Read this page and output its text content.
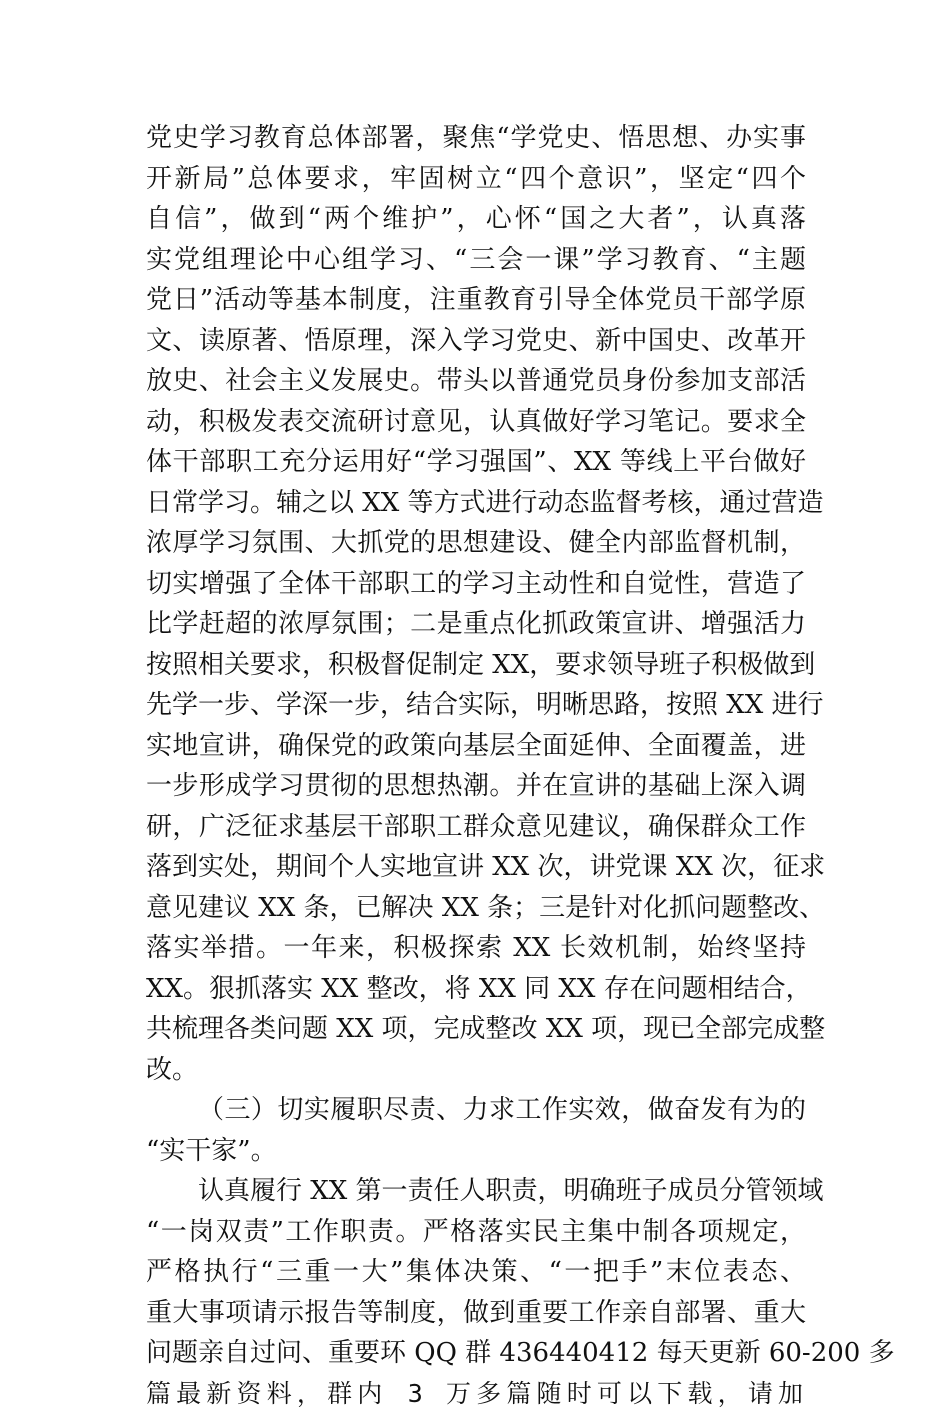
党史学习教育总体部署，聚焦“学党史、悟思想、办实事
开新局”总体要求，牢固树立“四个意识”，坚定“四个
自信”，做到“两个维护”，心怀“国之大者”，认真落
实党组理论中心组学习、“三会一课”学习教育、“主题
党日”活动等基本制度，注重教育引导全体党员干部学原
文、读原著、悟原理，深入学习党史、新中国史、改革开
放史、社会主义发展史。带头以普通党员身份参加支部活
动，积极发表交流研讨意见，认真做好学习笔记。要求全
体干部职工充分运用好“学习强国”、XX 等线上平台做好
日常学习。辅之以 XX 等方式进行动态监督考核，通过营造
浓厚学习氛围、大抓党的思想建设、健全内部监督机制，
切实增强了全体干部职工的学习主动性和自觉性，营造了
比学赶超的浓厚氛围；二是重点化抓政策宣讲、增强活力
按照相关要求，积极督促制定 XX，要求领导班子积极做到
先学一步、学深一步，结合实际，明晰思路，按照 XX 进行
实地宣讲，确保党的政策向基层全面延伸、全面覆盖，进
一步形成学习贯彻的思想热潮。并在宣讲的基础上深入调
研，广泛征求基层干部职工群众意见建议，确保群众工作
落到实处，期间个人实地宣讲 XX 次，讲党课 XX 次，征求
意见建议 XX 条，已解决 XX 条；三是针对化抓问题整改、
落实举措。一年来，积极探索 XX 长效机制，始终坚持
XX。狠抓落实 XX 整改，将 XX 同 XX 存在问题相结合，
共梳理各类问题 XX 项，完成整改 XX 项，现已全部完成整
改。
（三）切实履职尽责、力求工作实效，做奋发有为的
“实干家”。
认真履行 XX 第一责任人职责，明确班子成员分管领域
“一岗双责”工作职责。严格落实民主集中制各项规定，
严格执行“三重一大”集体决策、“一把手”末位表态、
重大事项请示报告等制度，做到重要工作亲自部署、重大
问题亲自过问、重要环 QQ 群 436440412 每天更新 60-200 多
篇最新资料，群内 3 万多篇随时可以下载，请加
